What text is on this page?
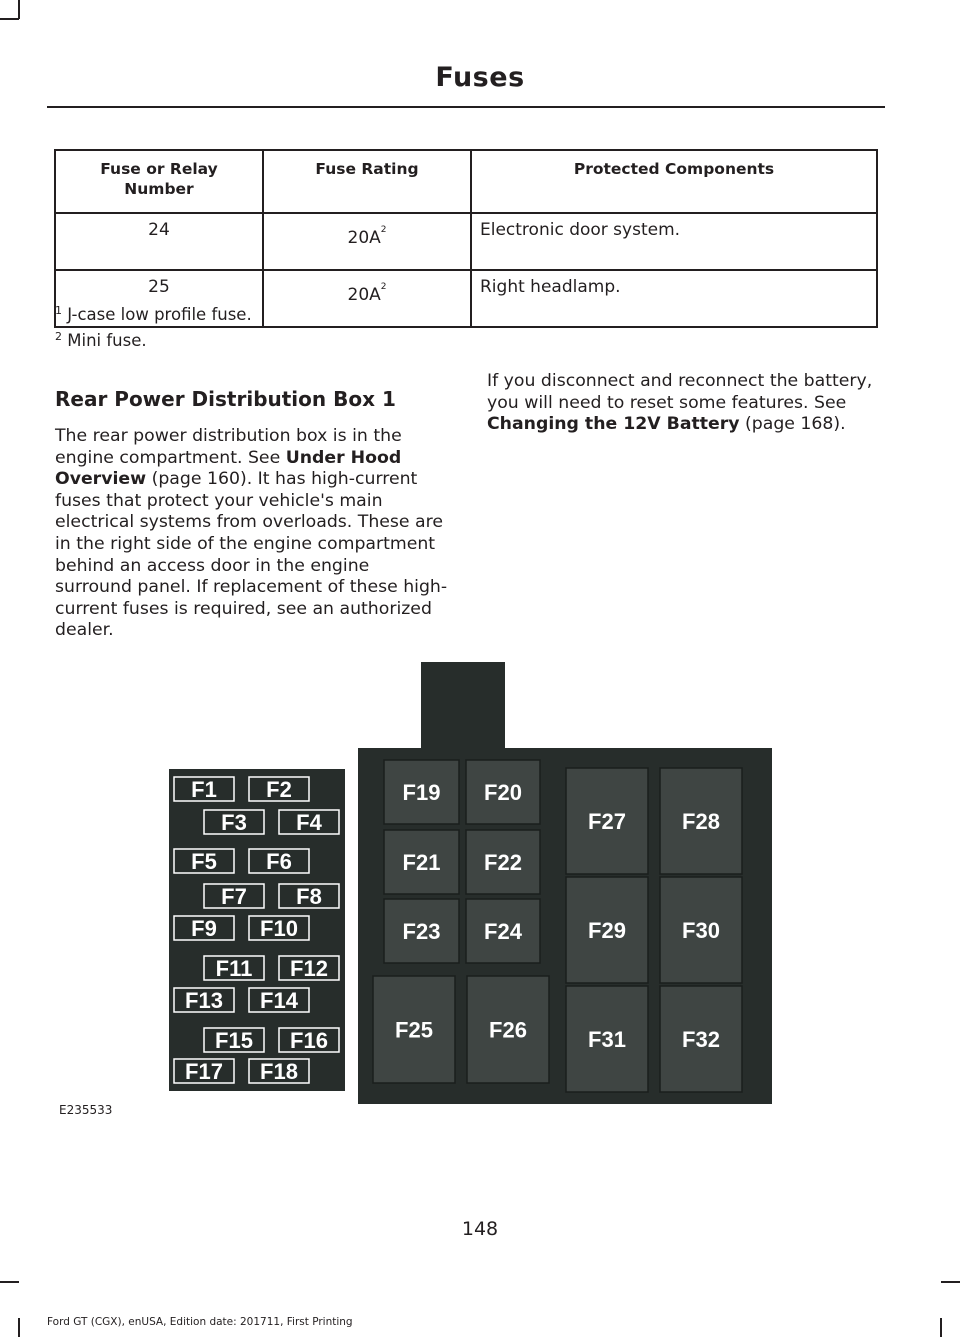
Fuses
Fuse or Relay Number	Fuse Rating	Protected Components
24	$20A^2$	Electronic door system.
25	$20A^2$	Right headlamp.
$^1$ J-case low profile fuse.
$^2$ Mini fuse.
Rear Power Distribution Box 1
The rear power distribution box is in the engine compartment. See Under Hood Overview (page 160). It has high-current fuses that protect your vehicle's main electrical systems from overloads. These are in the right side of the engine compartment behind an access door in the engine surround panel. If replacement of these high-current fuses is required, see an authorized dealer.
If you disconnect and reconnect the battery, you will need to reset some features. See Changing the 12V Battery (page 168).
F1 F2
F3 F4
F5 F6
F7 F8
F9 F10
F11 F12
F13 F14
F15 F16
F17 F18
F19 F20
F21 F22
F23 F24
F25	F26
F27	F28
F29	F30
F31	F32
E235533
148
Ford GT (CGX), enUSA, Edition date: 201711, First Printing
